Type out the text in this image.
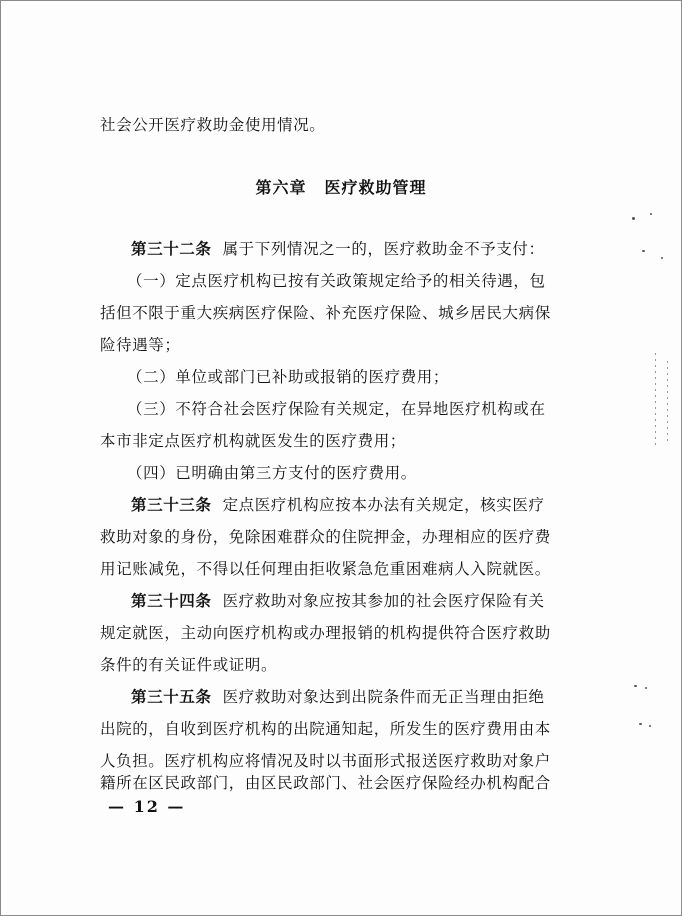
社会公开医疗救助金使用情况。
第六章 医疗救助管理
第三十二条 属于下列情况之一的，医疗救助金不予支付：
（一）定点医疗机构已按有关政策规定给予的相关待遇，包
括但不限于重大疾病医疗保险、补充医疗保险、城乡居民大病保
险待遇等；
（二）单位或部门已补助或报销的医疗费用；
（三）不符合社会医疗保险有关规定，在异地医疗机构或在
本市非定点医疗机构就医发生的医疗费用；
（四）已明确由第三方支付的医疗费用。
第三十三条 定点医疗机构应按本办法有关规定，核实医疗
救助对象的身份，免除困难群众的住院押金，办理相应的医疗费
用记账减免，不得以任何理由拒收紧急危重困难病人入院就医。
第三十四条 医疗救助对象应按其参加的社会医疗保险有关
规定就医，主动向医疗机构或办理报销的机构提供符合医疗救助
条件的有关证件或证明。
第三十五条 医疗救助对象达到出院条件而无正当理由拒绝
出院的，自收到医疗机构的出院通知起，所发生的医疗费用由本
人负担。医疗机构应将情况及时以书面形式报送医疗救助对象户
籍所在区民政部门，由区民政部门、社会医疗保险经办机构配合
— 12 —
